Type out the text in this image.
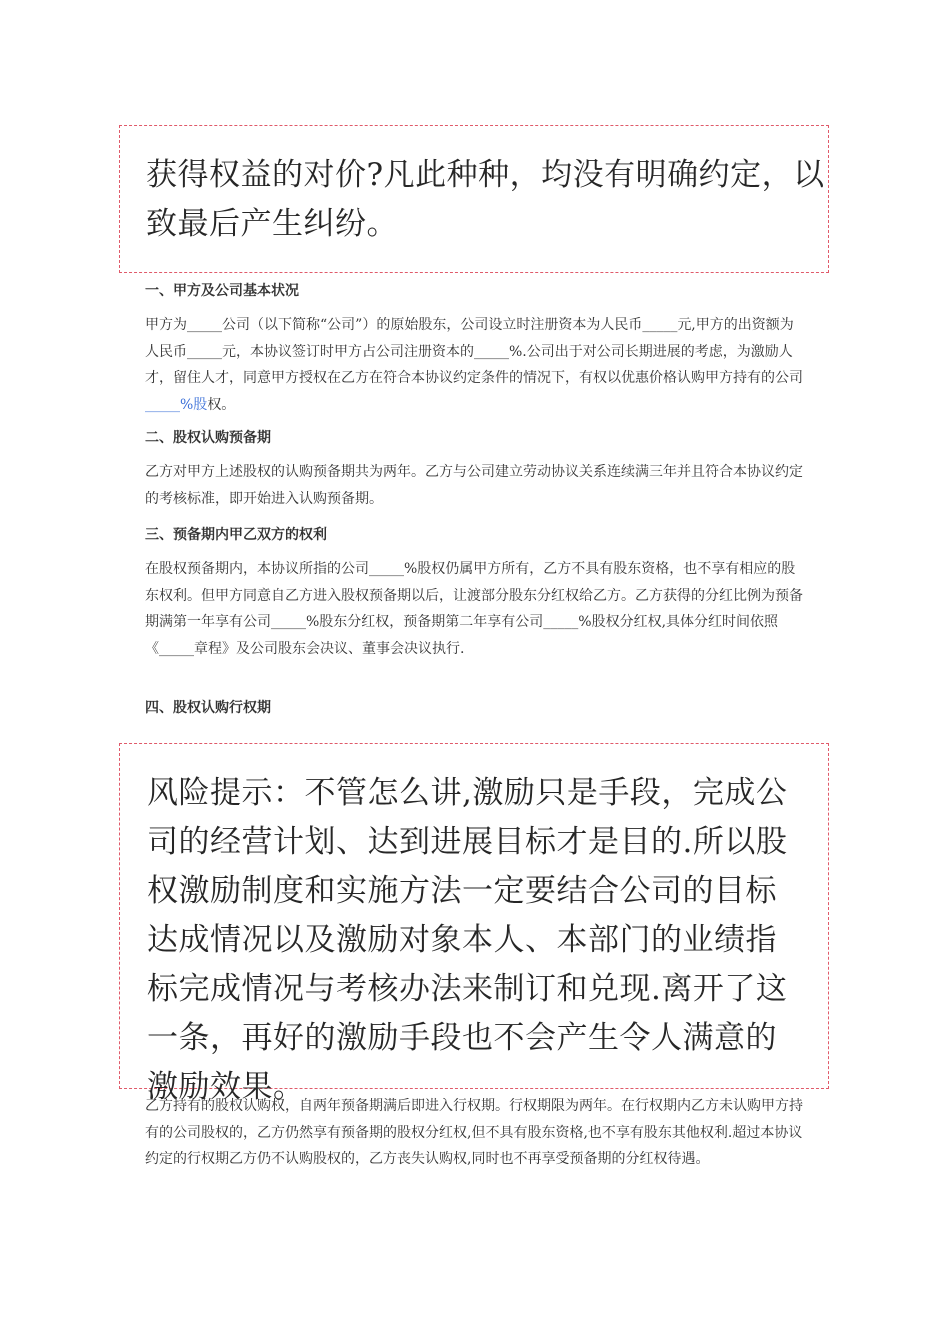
获得权益的对价?凡此种种，均没有明确约定，以致最后产生纠纷。

一、甲方及公司基本状况

甲方为_____公司（以下简称“公司”）的原始股东，公司设立时注册资本为人民币_____元,甲方的出资额为人民币_____元，本协议签订时甲方占公司注册资本的_____%.公司出于对公司长期进展的考虑，为激励人才，留住人才，同意甲方授权在乙方在符合本协议约定条件的情况下，有权以优惠价格认购甲方持有的公司_____%股权。

二、股权认购预备期

乙方对甲方上述股权的认购预备期共为两年。乙方与公司建立劳动协议关系连续满三年并且符合本协议约定的考核标准，即开始进入认购预备期。

三、预备期内甲乙双方的权利

在股权预备期内，本协议所指的公司_____%股权仍属甲方所有，乙方不具有股东资格，也不享有相应的股东权利。但甲方同意自乙方进入股权预备期以后，让渡部分股东分红权给乙方。乙方获得的分红比例为预备期满第一年享有公司_____%股东分红权，预备期第二年享有公司_____%股权分红权,具体分红时间依照《_____章程》及公司股东会决议、董事会决议执行.

四、股权认购行权期

风险提示：不管怎么讲,激励只是手段，完成公司的经营计划、达到进展目标才是目的.所以股权激励制度和实施方法一定要结合公司的目标达成情况以及激励对象本人、本部门的业绩指标完成情况与考核办法来制订和兑现.离开了这一条，再好的激励手段也不会产生令人满意的激励效果。

乙方持有的股权认购权，自两年预备期满后即进入行权期。行权期限为两年。在行权期内乙方未认购甲方持有的公司股权的，乙方仍然享有预备期的股权分红权,但不具有股东资格,也不享有股东其他权利.超过本协议约定的行权期乙方仍不认购股权的，乙方丧失认购权,同时也不再享受预备期的分红权待遇。
